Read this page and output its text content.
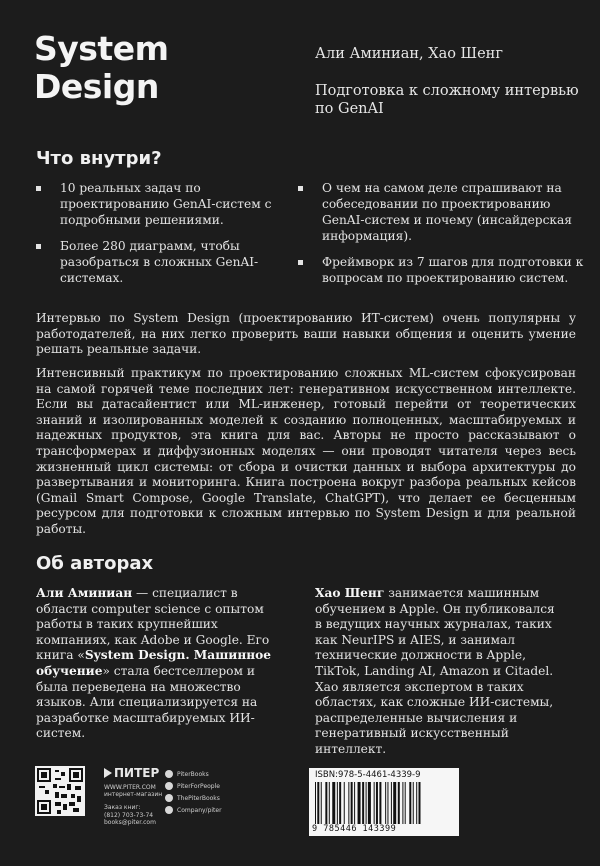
System
Design
Али Аминиан, Хао Шенг
Подготовка к сложному интервью по GenAI
Что внутри?
10 реальных задач по проектированию GenAI-систем с подробными решениями.
Более 280 диаграмм, чтобы разобраться в сложных GenAI-системах.
О чем на самом деле спрашивают на собеседовании по проектированию GenAI-систем и почему (инсайдерская информация).
Фреймворк из 7 шагов для подготовки к вопросам по проектированию систем.
Интервью по System Design (проектированию ИТ-систем) очень популярны у работодателей, на них легко проверить ваши навыки общения и оценить умение решать реальные задачи.
Интенсивный практикум по проектированию сложных ML-систем сфокусирован на самой горячей теме последних лет: генеративном искусственном интеллекте. Если вы датасайентист или ML-инженер, готовый перейти от теоретических знаний и изолированных моделей к созданию полноценных, масштабируемых и надежных продуктов, эта книга для вас. Авторы не просто рассказывают о трансформерах и диффузионных моделях — они проводят читателя через весь жизненный цикл системы: от сбора и очистки данных и выбора архитектуры до развертывания и мониторинга. Книга построена вокруг разбора реальных кейсов (Gmail Smart Compose, Google Translate, ChatGPT), что делает ее бесценным ресурсом для подготовки к сложным интервью по System Design и для реальной работы.
Об авторах
Али Аминиан — специалист в области computer science с опытом работы в таких крупнейших компаниях, как Adobe и Google. Его книга «System Design. Машинное обучение» стала бестселлером и была переведена на множество языков. Али специализируется на разработке масштабируемых ИИ-систем.
Хао Шенг занимается машинным обучением в Apple. Он публиковался в ведущих научных журналах, таких как NeurIPS и AIES, и занимал технические должности в Apple, TikTok, Landing AI, Amazon и Citadel. Хао является экспертом в таких областях, как сложные ИИ-системы, распределенные вычисления и генеративный искусственный интеллект.
ПИТЕР
WWW.PITER.COM
интернет-магазин
Заказ книг:
(812) 703-73-74
books@piter.com
PiterBooks
PiterForPeople
ThePiterBooks
Company/piter
ISBN:978-5-4461-4339-9
9 785446 143399
